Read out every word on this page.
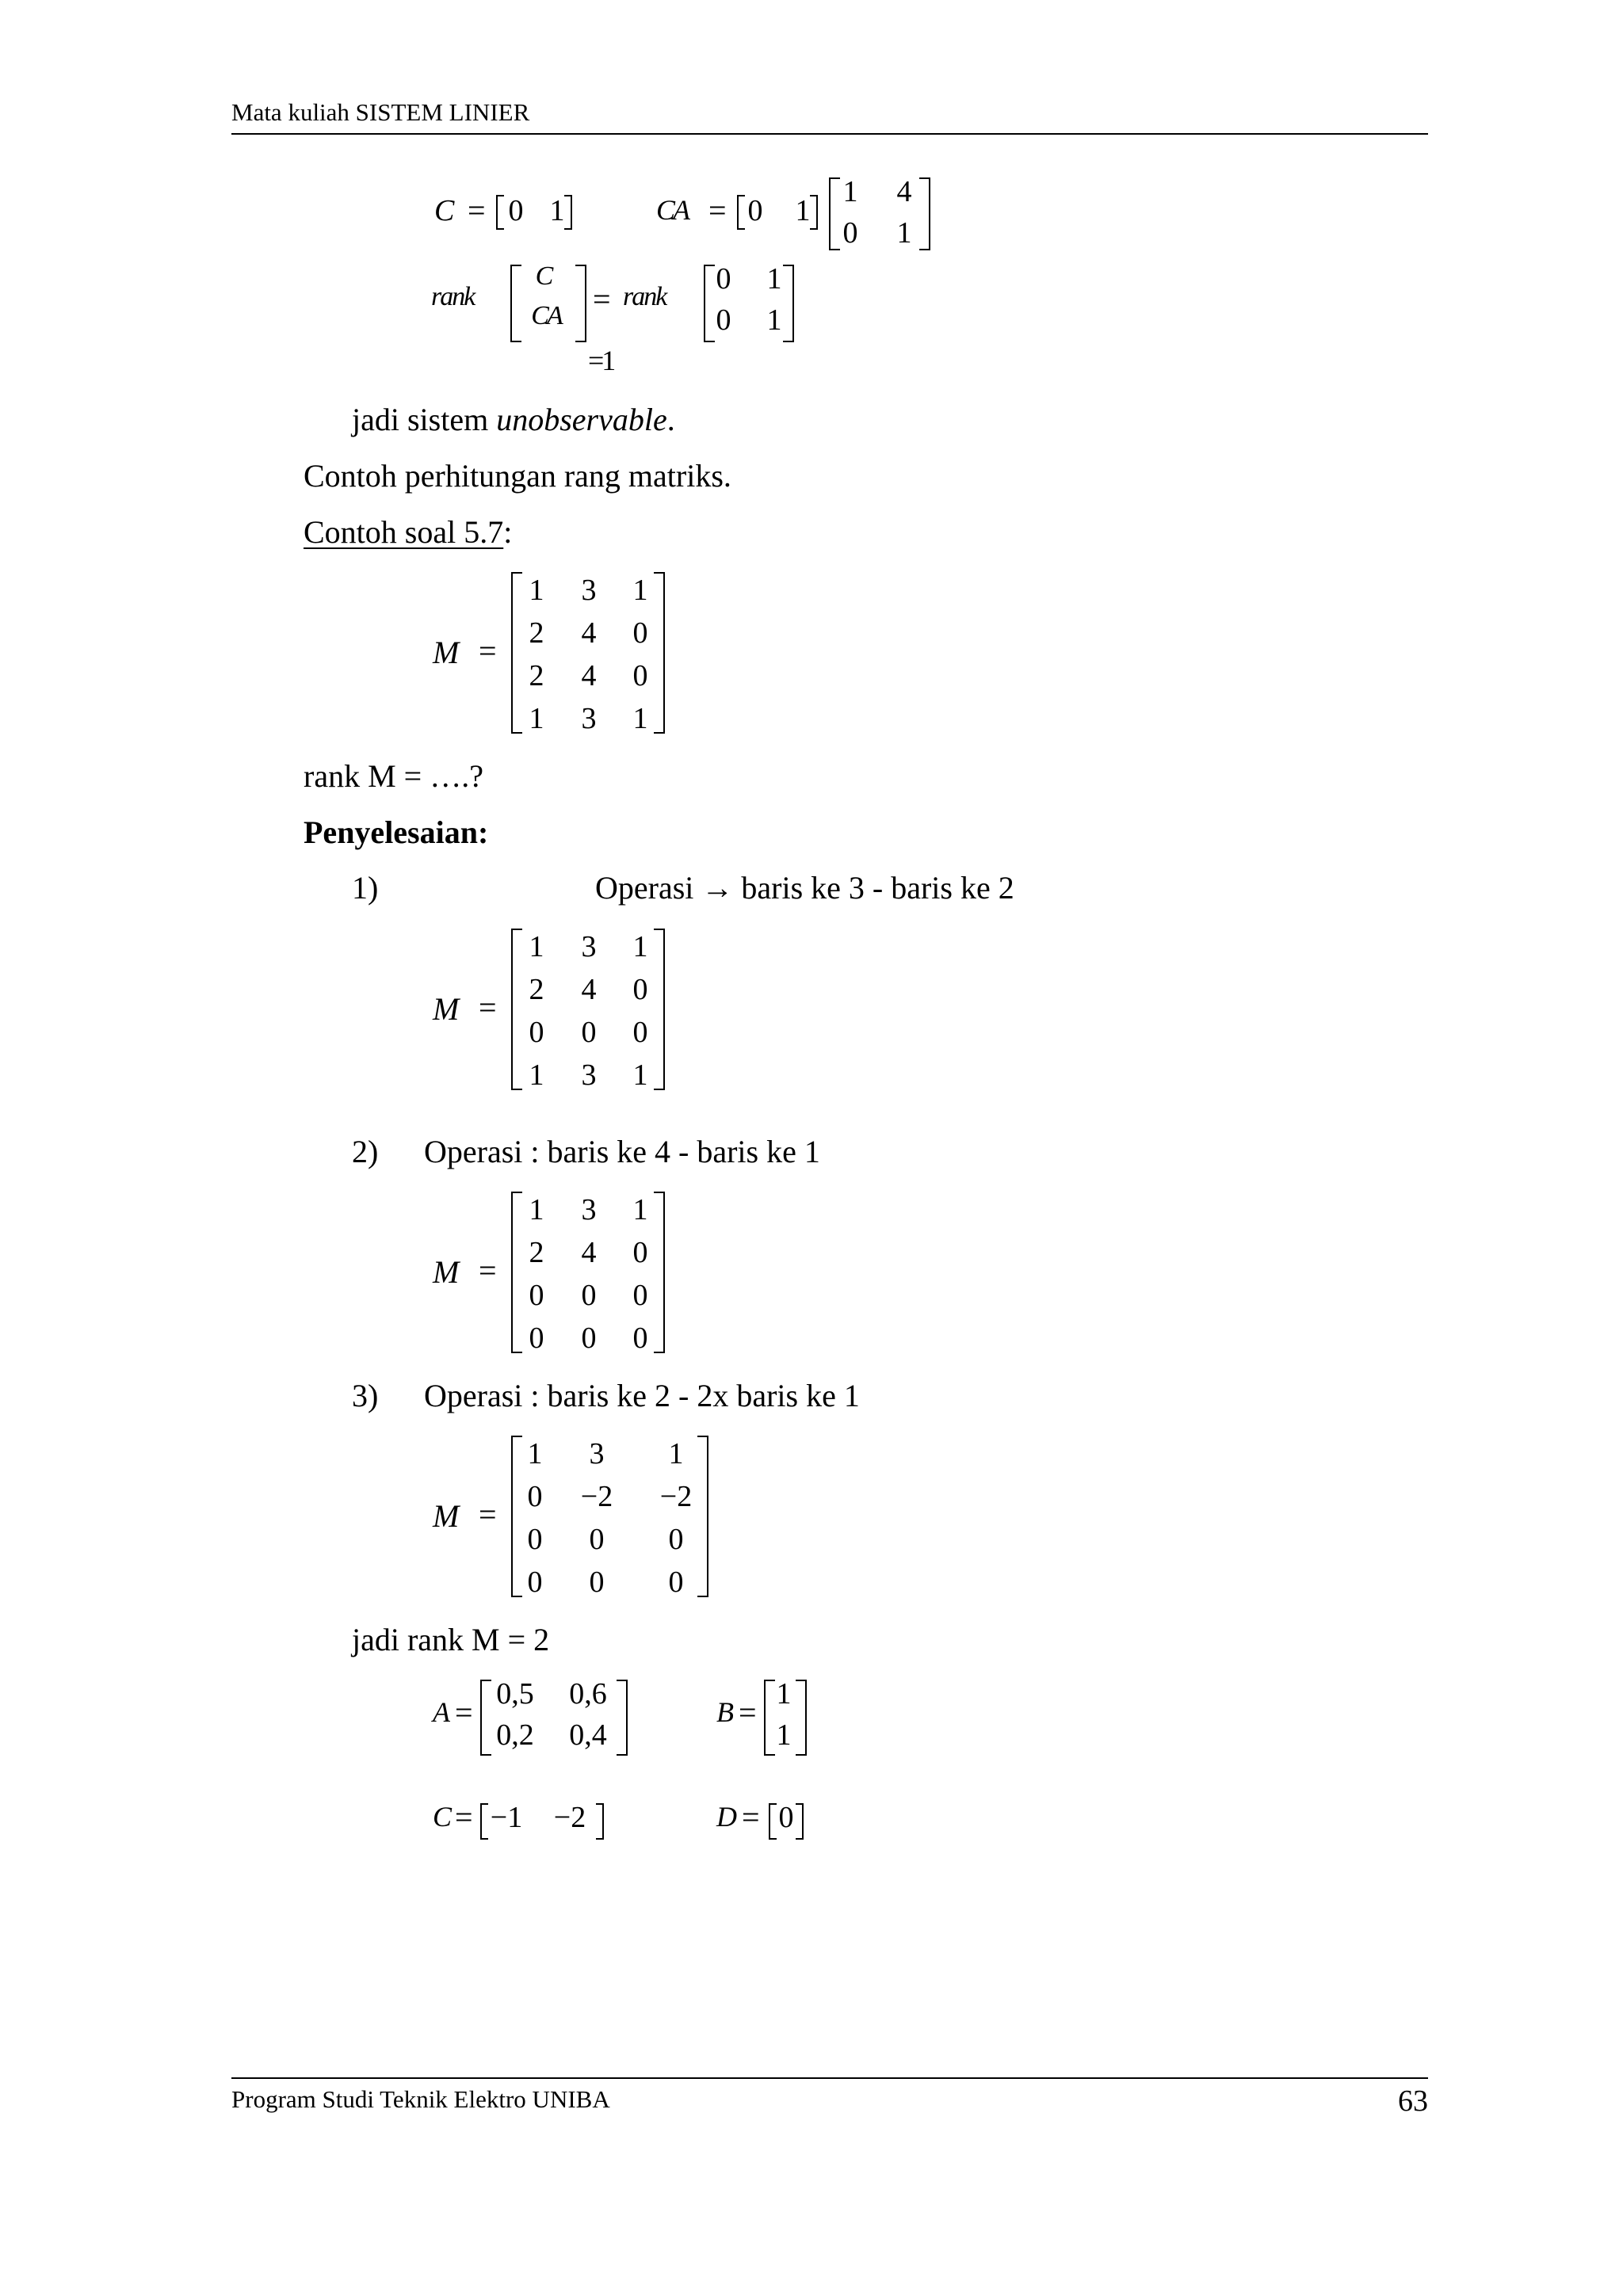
Mata kuliah SISTEM LINIER
C = 0 1	CA = 0 1
1 4
0 1
rank
C
CA	= rank
0 1
0 1
=1
jadi sistem unobservable.
Contoh perhitungan rang matriks.
Contoh soal 5.7:
M =
1	3	1
2	4	0
2	4	0
1	3	1
rank M = ….?
Penyelesaian:
1)	Operasi → baris ke 3 - baris ke 2
M =
1	3	1
2	4	0
0	0	0
1	3	1
2) Operasi : baris ke 4 - baris ke 1
M =
1	3	1
2	4	0
0	0	0
0	0	0
3) Operasi : baris ke 2 - 2x baris ke 1
M =
1	3	1
0	−2 −2
0	0	0
0	0	0
jadi rank M = 2
A =
0,5 0,6
0,2 0,4
B =
1
1
C = −1 −2	D = 0
Program Studi Teknik Elektro UNIBA	63
